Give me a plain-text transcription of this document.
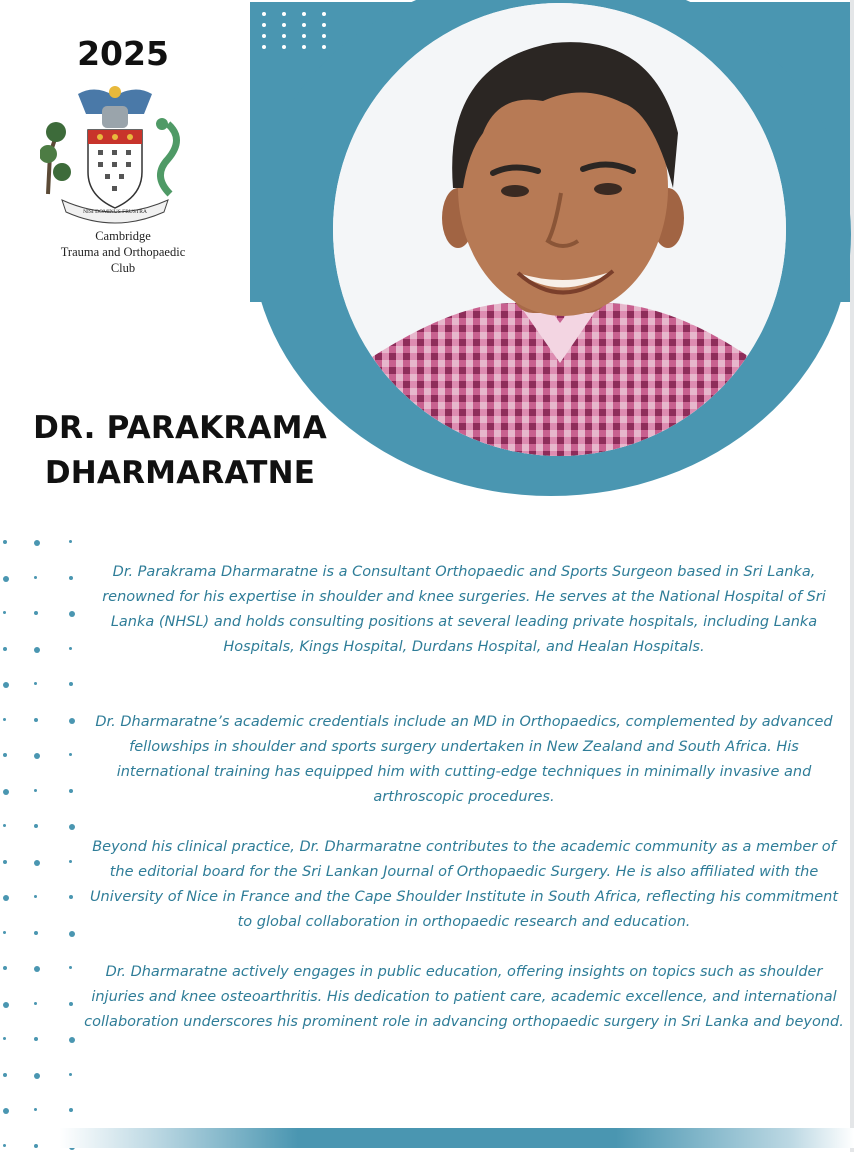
2025
NISI DOMINUS FRUSTRA
Cambridge
Trauma and Orthopaedic
Club
DR. PARAKRAMA
DHARMARATNE

Dr. Parakrama Dharmaratne is a Consultant Orthopaedic and Sports Surgeon based in Sri Lanka, renowned for his expertise in shoulder and knee surgeries. He serves at the National Hospital of Sri Lanka (NHSL) and holds consulting positions at several leading private hospitals, including Lanka Hospitals, Kings Hospital, Durdans Hospital, and Healan Hospitals.

Dr. Dharmaratne’s academic credentials include an MD in Orthopaedics, complemented by advanced fellowships in shoulder and sports surgery undertaken in New Zealand and South Africa. His international training has equipped him with cutting-edge techniques in minimally invasive and arthroscopic procedures.

Beyond his clinical practice, Dr. Dharmaratne contributes to the academic community as a member of the editorial board for the Sri Lankan Journal of Orthopaedic Surgery. He is also affiliated with the University of Nice in France and the Cape Shoulder Institute in South Africa, reflecting his commitment to global collaboration in orthopaedic research and education.

Dr. Dharmaratne actively engages in public education, offering insights on topics such as shoulder injuries and knee osteoarthritis. His dedication to patient care, academic excellence, and international collaboration underscores his prominent role in advancing orthopaedic surgery in Sri Lanka and beyond.
